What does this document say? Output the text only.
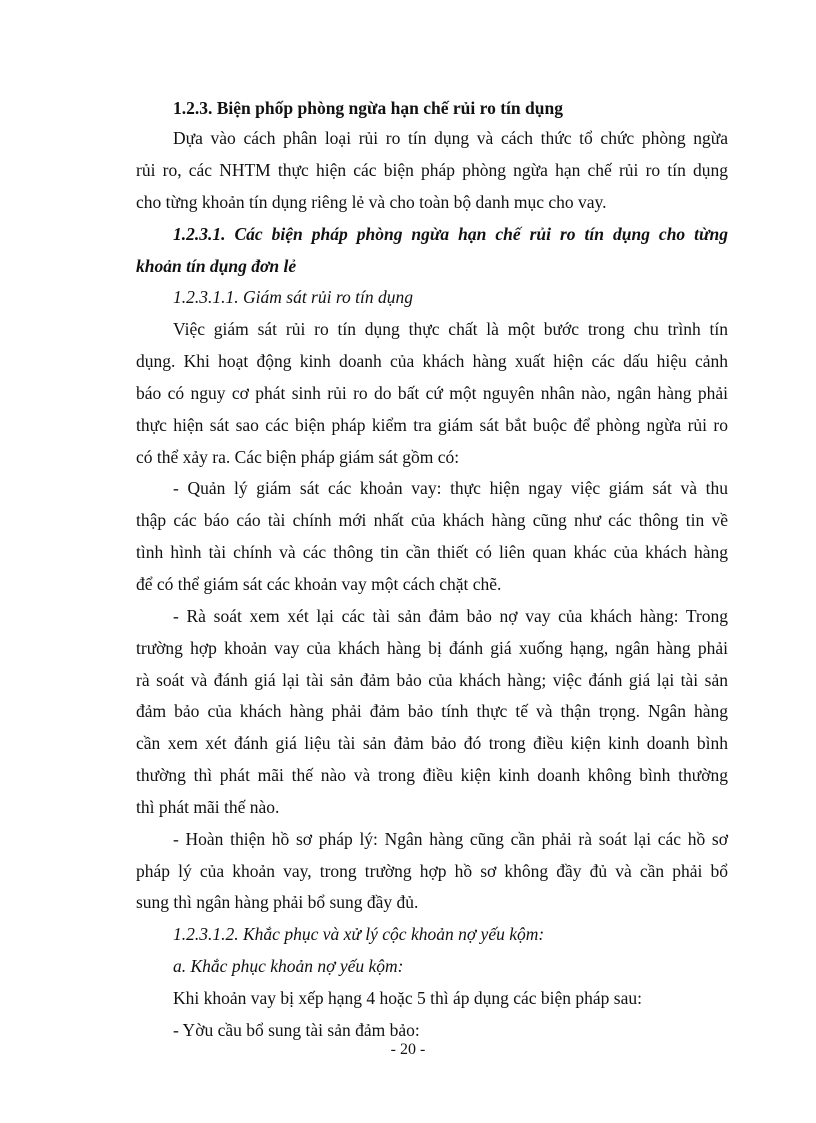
1.2.3. Biện phốp phòng ngừa hạn chế rủi ro tín dụng
Dựa vào cách phân loại rủi ro tín dụng và cách thức tổ chức phòng ngừa
rủi ro, các NHTM thực hiện các biện pháp phòng ngừa hạn chế rủi ro tín dụng
cho từng khoản tín dụng riêng lẻ và cho toàn bộ danh mục cho vay.
1.2.3.1. Các biện pháp phòng ngừa hạn chế rủi ro tín dụng cho từng
khoản tín dụng đơn lẻ
1.2.3.1.1. Giám sát rủi ro tín dụng
Việc giám sát rủi ro tín dụng thực chất là một bước trong chu trình tín
dụng. Khi hoạt động kinh doanh của khách hàng xuất hiện các dấu hiệu cảnh
báo có nguy cơ phát sinh rủi ro do bất cứ một nguyên nhân nào, ngân hàng phải
thực hiện sát sao các biện pháp kiểm tra giám sát bắt buộc để phòng ngừa rủi ro
có thể xảy ra. Các biện pháp giám sát gồm có:
- Quản lý giám sát các khoản vay: thực hiện ngay việc giám sát và thu
thập các báo cáo tài chính mới nhất của khách hàng cũng như các thông tin về
tình hình tài chính và các thông tin cần thiết có liên quan khác của khách hàng
để có thể giám sát các khoản vay một cách chặt chẽ.
- Rà soát xem xét lại các tài sản đảm bảo nợ vay của khách hàng: Trong
trường hợp khoản vay của khách hàng bị đánh giá xuống hạng, ngân hàng phải
rà soát và đánh giá lại tài sản đảm bảo của khách hàng; việc đánh giá lại tài sản
đảm bảo của khách hàng phải đảm bảo tính thực tế và thận trọng. Ngân hàng
cần xem xét đánh giá liệu tài sản đảm bảo đó trong điều kiện kinh doanh bình
thường thì phát mãi thế nào và trong điều kiện kinh doanh không bình thường
thì phát mãi thế nào.
- Hoàn thiện hồ sơ pháp lý: Ngân hàng cũng cần phải rà soát lại các hồ sơ
pháp lý của khoản vay, trong trường hợp hồ sơ không đầy đủ và cần phải bổ
sung thì ngân hàng phải bổ sung đầy đủ.
1.2.3.1.2. Khắc phục và xử lý cộc khoản nợ yếu kộm:
a. Khắc phục khoản nợ yếu kộm:
Khi khoản vay bị xếp hạng 4 hoặc 5 thì áp dụng các biện pháp sau:
- Yờu cầu bổ sung tài sản đảm bảo:
- 20 -
